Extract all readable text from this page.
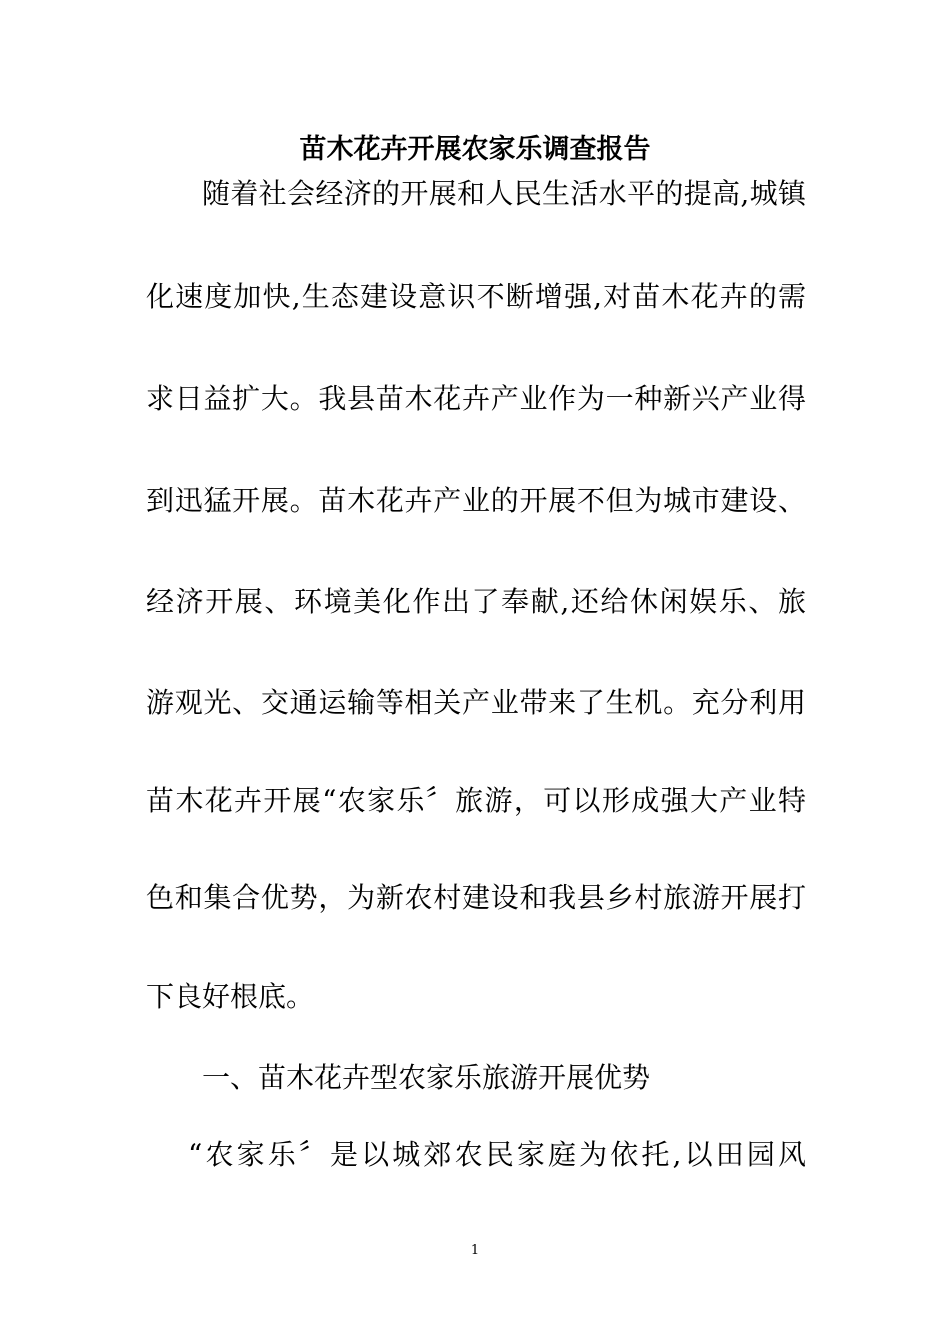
苗木花卉开展农家乐调查报告

随着社会经济的开展和人民生活水平的提高,城镇

化速度加快,生态建设意识不断增强,对苗木花卉的需

求日益扩大。我县苗木花卉产业作为一种新兴产业得

到迅猛开展。苗木花卉产业的开展不但为城市建设、

经济开展、环境美化作出了奉献,还给休闲娱乐、旅

游观光、交通运输等相关产业带来了生机。充分利用

苗木花卉开展“农家乐〞旅游，可以形成强大产业特

色和集合优势，为新农村建设和我县乡村旅游开展打

下良好根底。

一、苗木花卉型农家乐旅游开展优势

“农家乐〞是以城郊农民家庭为依托,以田园风

1
